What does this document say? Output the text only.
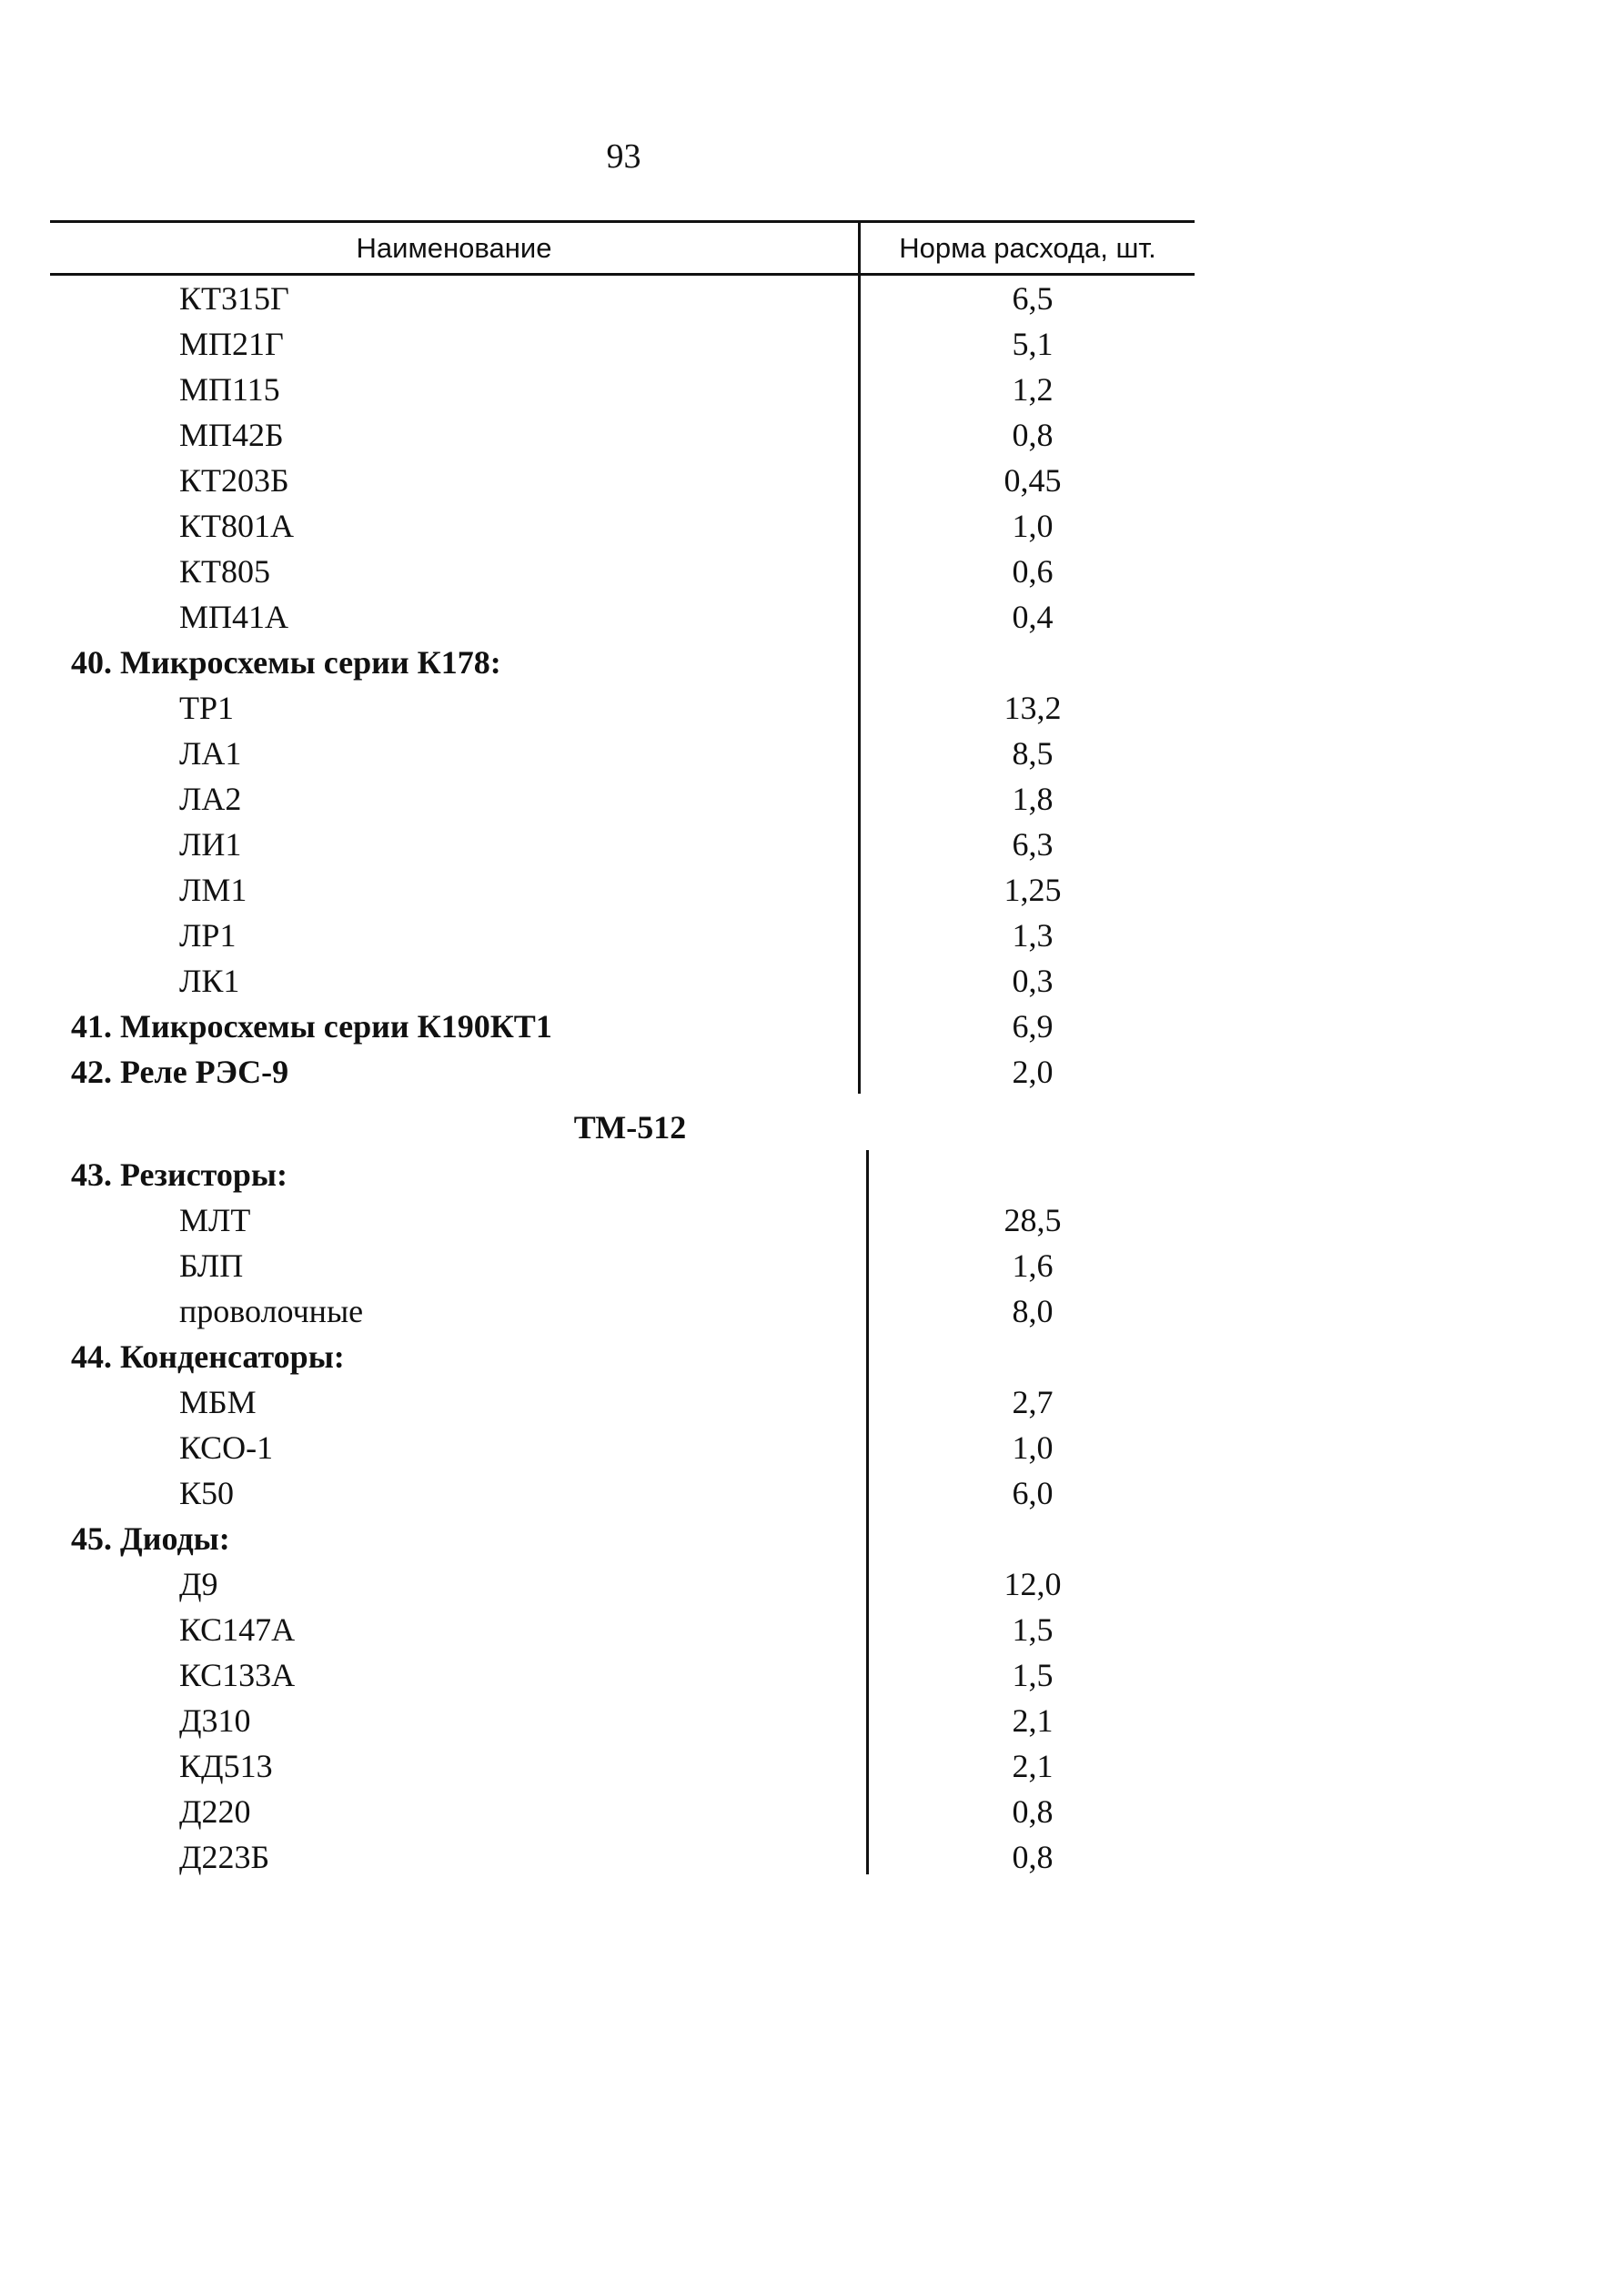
93
Наименование	Норма расхода, шт.
КТ315Г	6,5
МП21Г	5,1
МП115	1,2
МП42Б	0,8
КТ203Б	0,45
КТ801А	1,0
КТ805	0,6
МП41А	0,4
40. Микросхемы серии К178:
ТР1	13,2
ЛА1	8,5
ЛА2	1,8
ЛИ1	6,3
ЛМ1	1,25
ЛР1	1,3
ЛК1	0,3
41. Микросхемы серии К190КТ1	6,9
42. Реле РЭС-9	2,0
ТМ-512
43. Резисторы:
МЛТ	28,5
БЛП	1,6
проволочные	8,0
44. Конденсаторы:
МБМ	2,7
КСО-1	1,0
К50	6,0
45. Диоды:
Д9	12,0
КС147А	1,5
КС133А	1,5
Д310	2,1
КД513	2,1
Д220	0,8
Д223Б	0,8
